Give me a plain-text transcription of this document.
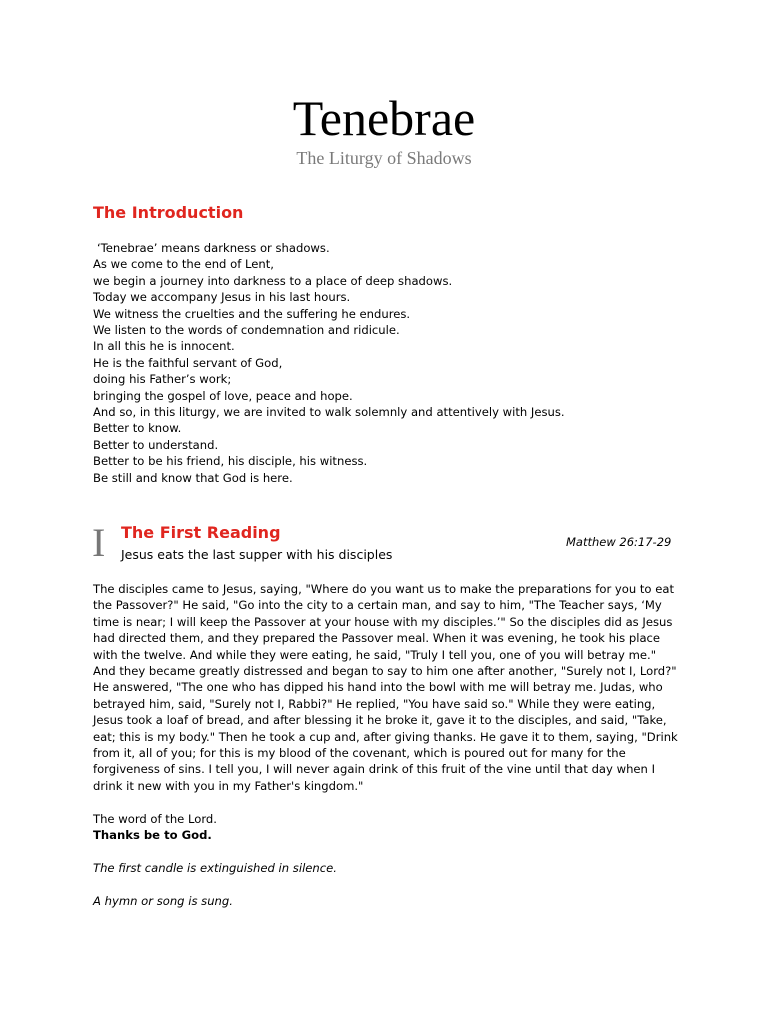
Tenebrae
The Liturgy of Shadows
The Introduction
‘Tenebrae’ means darkness or shadows.
As we come to the end of Lent,
we begin a journey into darkness to a place of deep shadows.
Today we accompany Jesus in his last hours.
We witness the cruelties and the suffering he endures.
We listen to the words of condemnation and ridicule.
In all this he is innocent.
He is the faithful servant of God,
doing his Father’s work;
bringing the gospel of love, peace and hope.
And so, in this liturgy, we are invited to walk solemnly and attentively with Jesus.
Better to know.
Better to understand.
Better to be his friend, his disciple, his witness.
Be still and know that God is here.
I The First Reading
Jesus eats the last supper with his disciples
Matthew 26:17-29
The disciples came to Jesus, saying, "Where do you want us to make the preparations for you to eat
the Passover?" He said, "Go into the city to a certain man, and say to him, "The Teacher says, ‘My
time is near; I will keep the Passover at your house with my disciples.’" So the disciples did as Jesus
had directed them, and they prepared the Passover meal. When it was evening, he took his place
with the twelve. And while they were eating, he said, "Truly I tell you, one of you will betray me."
And they became greatly distressed and began to say to him one after another, "Surely not I, Lord?"
He answered, "The one who has dipped his hand into the bowl with me will betray me. Judas, who
betrayed him, said, "Surely not I, Rabbi?" He replied, "You have said so." While they were eating,
Jesus took a loaf of bread, and after blessing it he broke it, gave it to the disciples, and said, "Take,
eat; this is my body." Then he took a cup and, after giving thanks. He gave it to them, saying, "Drink
from it, all of you; for this is my blood of the covenant, which is poured out for many for the
forgiveness of sins. I tell you, I will never again drink of this fruit of the vine until that day when I
drink it new with you in my Father's kingdom."
The word of the Lord.
Thanks be to God.
The first candle is extinguished in silence.
A hymn or song is sung.
